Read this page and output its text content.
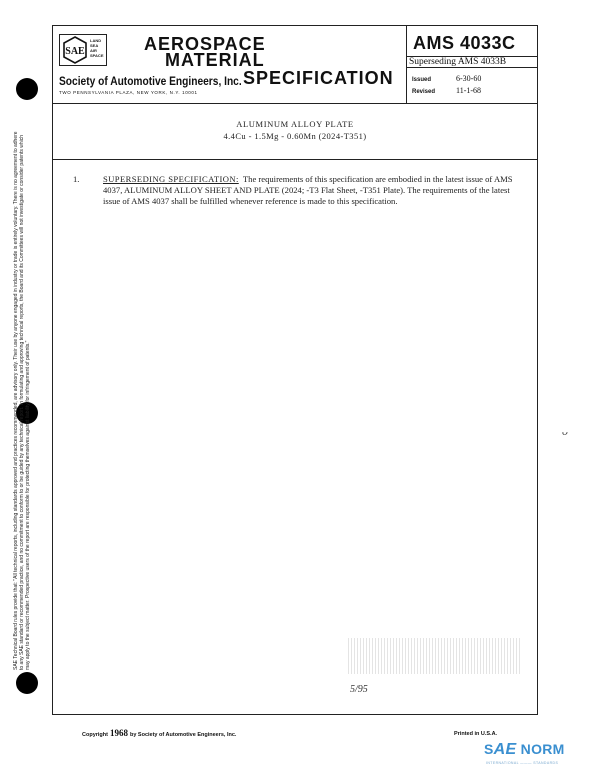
SAE Technical Board rules provide that: "All technical reports, including standards approved and practices recommended, are advisory only. Their use by anyone engaged in industry or trade is entirely voluntary. There is no agreement to adhere to any SAE standard or recommended practice, and no commitment to conform to or be guided by any technical report. In formulating and approving technical reports, the Board and its Committees will not investigate or consider patents which may apply to the subject matter. Prospective users of the report are responsible for protecting themselves against liability for infringement of patents."
SAE
LAND
SEA
AIR
SPACE
AEROSPACE
MATERIAL
SPECIFICATION
Society of Automotive Engineers, Inc.
TWO PENNSYLVANIA PLAZA, NEW YORK, N.Y. 10001
AMS 4033C
Superseding AMS 4033B
Issued	6-30-60
Revised	11-1-68
ALUMINUM ALLOY PLATE
4.4Cu - 1.5Mg - 0.60Mn (2024-T351)
1.	SUPERSEDING SPECIFICATION: The requirements of this specification are embodied in the latest issue of AMS 4037, ALUMINUM ALLOY SHEET AND PLATE (2024; -T3 Flat Sheet, -T351 Plate). The requirements of the latest issue of AMS 4037 shall be fulfilled whenever reference is made to this specification.
ᴗ
5/95
Copyright 1968 by Society of Automotive Engineers, Inc.	Printed in U.S.A.
SAE NORM
INTERNATIONAL ——— STANDARDS
